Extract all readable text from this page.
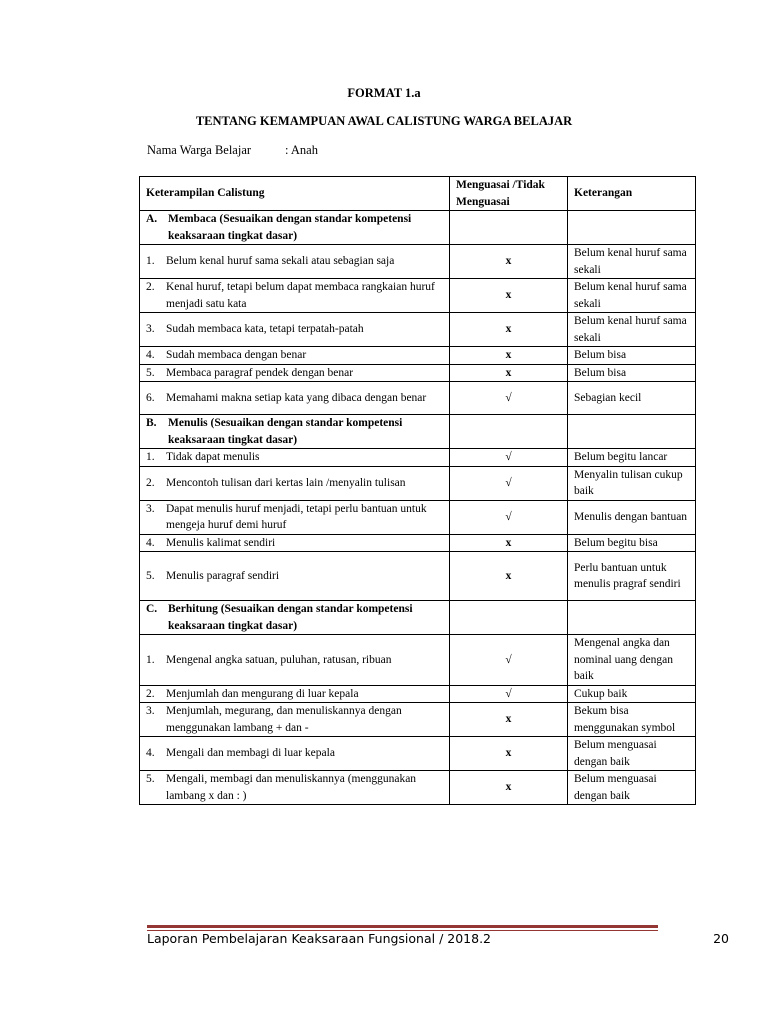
FORMAT 1.a
TENTANG KEMAMPUAN AWAL CALISTUNG WARGA BELAJAR
Nama Warga Belajar	: Anah
Keterampilan Calistung	Menguasai /Tidak Menguasai	Keterangan

A. Membaca (Sesuaikan dengan standar kompetensi keaksaraan tingkat dasar)		

1. Belum kenal huruf sama sekali atau sebagian saja	x	Belum kenal huruf sama sekali

2. Kenal huruf, tetapi belum dapat membaca rangkaian huruf menjadi satu kata	x	Belum kenal huruf sama sekali

3. Sudah membaca kata, tetapi terpatah-patah	x	Belum kenal huruf sama sekali

4. Sudah membaca dengan benar	x	Belum bisa

5. Membaca paragraf pendek dengan benar	x	Belum bisa

6. Memahami makna setiap kata yang dibaca dengan benar	√	Sebagian kecil

B. Menulis (Sesuaikan dengan standar kompetensi keaksaraan tingkat dasar)		

1. Tidak dapat menulis	√	Belum begitu lancar

2. Mencontoh tulisan dari kertas lain /menyalin tulisan	√	Menyalin tulisan cukup baik

3. Dapat menulis huruf menjadi, tetapi perlu bantuan untuk mengeja huruf demi huruf	√	Menulis dengan bantuan

4. Menulis kalimat sendiri	x	Belum begitu bisa

5. Menulis paragraf sendiri	x	Perlu bantuan untuk menulis pragraf sendiri

C. Berhitung (Sesuaikan dengan standar kompetensi keaksaraan tingkat dasar)		

1. Mengenal angka satuan, puluhan, ratusan, ribuan	√	Mengenal angka dan nominal uang dengan baik

2. Menjumlah dan mengurang di luar kepala	√	Cukup baik

3. Menjumlah, megurang, dan menuliskannya dengan menggunakan lambang + dan -	x	Bekum bisa menggunakan symbol

4. Mengali dan membagi di luar kepala	x	Belum menguasai dengan baik

5. Mengali, membagi dan menuliskannya (menggunakan lambang x dan : )	x	Belum menguasai dengan baik
Laporan Pembelajaran Keaksaraan Fungsional / 2018.2	20
